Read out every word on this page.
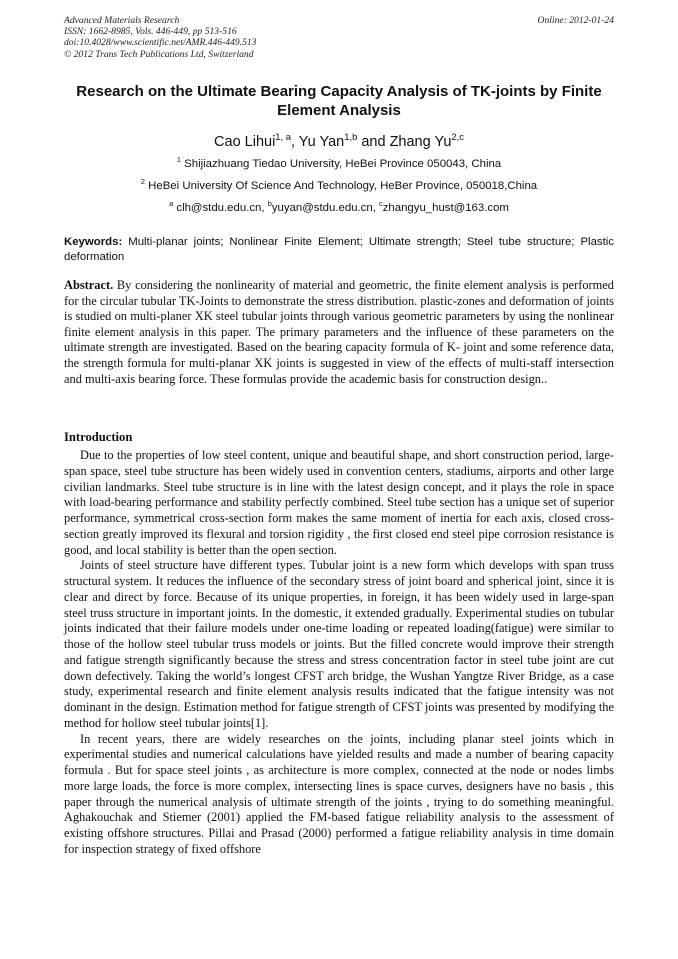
Advanced Materials Research
ISSN: 1662-8985, Vols. 446-449, pp 513-516
doi:10.4028/www.scientific.net/AMR.446-449.513
© 2012 Trans Tech Publications Ltd, Switzerland
Online: 2012-01-24
Research on the Ultimate Bearing Capacity Analysis of TK-joints by Finite Element Analysis
Cao Lihui$^{1, a}$, Yu Yan$^{1,b}$ and Zhang Yu$^{2,c}$
$^1$ Shijiazhuang Tiedao University, HeBei Province 050043, China
$^2$ HeBei University Of Science And Technology, HeBer Province, 050018,China
$^a$ clh@stdu.edu.cn, $^b$yuyan@stdu.edu.cn, $^c$zhangyu_hust@163.com
Keywords: Multi-planar joints; Nonlinear Finite Element; Ultimate strength; Steel tube structure; Plastic deformation
Abstract. By considering the nonlinearity of material and geometric, the finite element analysis is performed for the circular tubular TK-Joints to demonstrate the stress distribution. plastic-zones and deformation of joints is studied on multi-planer XK steel tubular joints through various geometric parameters by using the nonlinear finite element analysis in this paper. The primary parameters and the influence of these parameters on the ultimate strength are investigated. Based on the bearing capacity formula of K- joint and some reference data, the strength formula for multi-planar XK joints is suggested in view of the effects of multi-staff intersection and multi-axis bearing force. These formulas provide the academic basis for construction design..
Introduction

Due to the properties of low steel content, unique and beautiful shape, and short construction period, large-span space, steel tube structure has been widely used in convention centers, stadiums, airports and other large civilian landmarks. Steel tube structure is in line with the latest design concept, and it plays the role in space with load-bearing performance and stability perfectly combined. Steel tube section has a unique set of superior performance, symmetrical cross-section form makes the same moment of inertia for each axis, closed cross-section greatly improved its flexural and torsion rigidity , the first closed end steel pipe corrosion resistance is good, and local stability is better than the open section.

Joints of steel structure have different types. Tubular joint is a new form which develops with span truss structural system. It reduces the influence of the secondary stress of joint board and spherical joint, since it is clear and direct by force. Because of its unique properties, in foreign, it has been widely used in large-span steel truss structure in important joints. In the domestic, it extended gradually. Experimental studies on tubular joints indicated that their failure models under one-time loading or repeated loading(fatigue) were similar to those of the hollow steel tubular truss models or joints. But the filled concrete would improve their strength and fatigue strength significantly because the stress and stress concentration factor in steel tube joint are cut down defectively. Taking the world’s longest CFST arch bridge, the Wushan Yangtze River Bridge, as a case study, experimental research and finite element analysis results indicated that the fatigue intensity was not dominant in the design. Estimation method for fatigue strength of CFST joints was presented by modifying the method for hollow steel tubular joints[1].

In recent years, there are widely researches on the joints, including planar steel joints which in experimental studies and numerical calculations have yielded results and made a number of bearing capacity formula . But for space steel joints , as architecture is more complex, connected at the node or nodes limbs more large loads, the force is more complex, intersecting lines is space curves, designers have no basis , this paper through the numerical analysis of ultimate strength of the joints , trying to do something meaningful. Aghakouchak and Stiemer (2001) applied the FM-based fatigue reliability analysis to the assessment of existing offshore structures. Pillai and Prasad (2000) performed a fatigue reliability analysis in time domain for inspection strategy of fixed offshore
